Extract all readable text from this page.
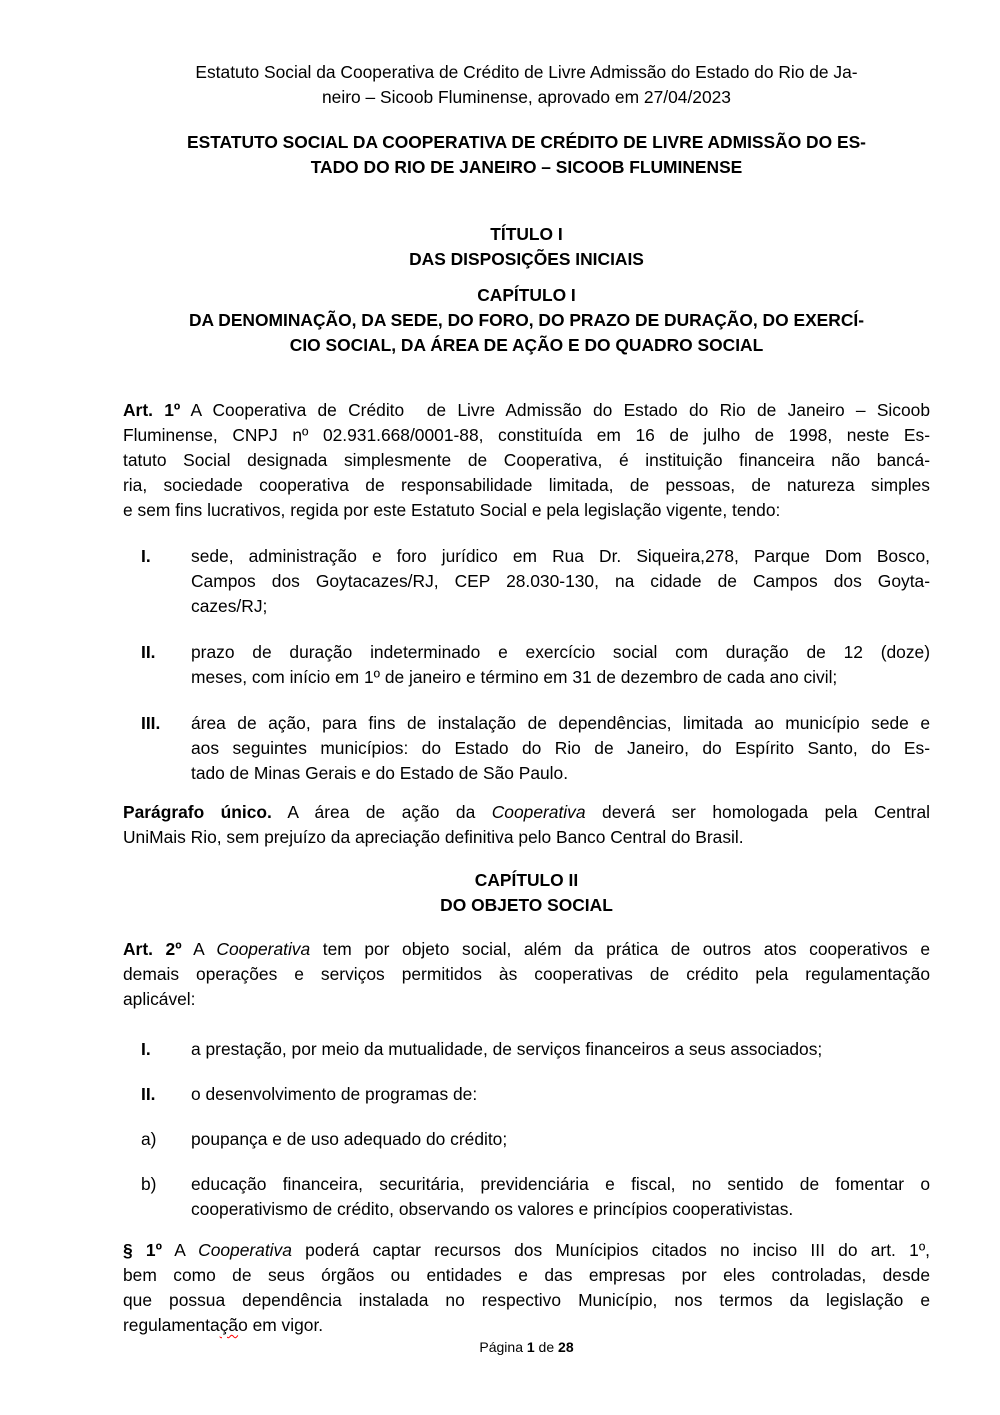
Estatuto Social da Cooperativa de Crédito de Livre Admissão do Estado do Rio de Ja-
neiro – Sicoob Fluminense, aprovado em 27/04/2023
ESTATUTO SOCIAL DA COOPERATIVA DE CRÉDITO DE LIVRE ADMISSÃO DO ES-
TADO DO RIO DE JANEIRO – SICOOB FLUMINENSE
TÍTULO I
DAS DISPOSIÇÕES INICIAIS
CAPÍTULO I
DA DENOMINAÇÃO, DA SEDE, DO FORO, DO PRAZO DE DURAÇÃO, DO EXERCÍ-
CIO SOCIAL, DA ÁREA DE AÇÃO E DO QUADRO SOCIAL
Art. 1º A Cooperativa de Crédito  de Livre Admissão do Estado do Rio de Janeiro – Sicoob
Fluminense, CNPJ nº 02.931.668/0001-88, constituída em 16 de julho de 1998, neste Es-
tatuto Social designada simplesmente de Cooperativa, é instituição financeira não bancá-
ria, sociedade cooperativa de responsabilidade limitada, de pessoas, de natureza simples
e sem fins lucrativos, regida por este Estatuto Social e pela legislação vigente, tendo:
I.	sede, administração e foro jurídico em Rua Dr. Siqueira,278, Parque Dom Bosco,
Campos dos Goytacazes/RJ, CEP 28.030-130, na cidade de Campos dos Goyta-
cazes/RJ;
II.	prazo de duração indeterminado e exercício social com duração de 12 (doze)
meses, com início em 1º de janeiro e término em 31 de dezembro de cada ano civil;
III.	área de ação, para fins de instalação de dependências, limitada ao município sede e
aos seguintes municípios: do Estado do Rio de Janeiro, do Espírito Santo, do Es-
tado de Minas Gerais e do Estado de São Paulo.
Parágrafo único. A área de ação da Cooperativa deverá ser homologada pela Central
UniMais Rio, sem prejuízo da apreciação definitiva pelo Banco Central do Brasil.
CAPÍTULO II
DO OBJETO SOCIAL
Art. 2º A Cooperativa tem por objeto social, além da prática de outros atos cooperativos e
demais operações e serviços permitidos às cooperativas de crédito pela regulamentação
aplicável:
I.	a prestação, por meio da mutualidade, de serviços financeiros a seus associados;
II.	o desenvolvimento de programas de:
a)	poupança e de uso adequado do crédito;
b)	educação financeira, securitária, previdenciária e fiscal, no sentido de fomentar o
cooperativismo de crédito, observando os valores e princípios cooperativistas.
§ 1º A Cooperativa poderá captar recursos dos Munícipios citados no inciso III do art. 1º,
bem como de seus órgãos ou entidades e das empresas por eles controladas, desde
que possua dependência instalada no respectivo Município, nos termos da legislação e
regulamentação em vigor.
Página 1 de 28
